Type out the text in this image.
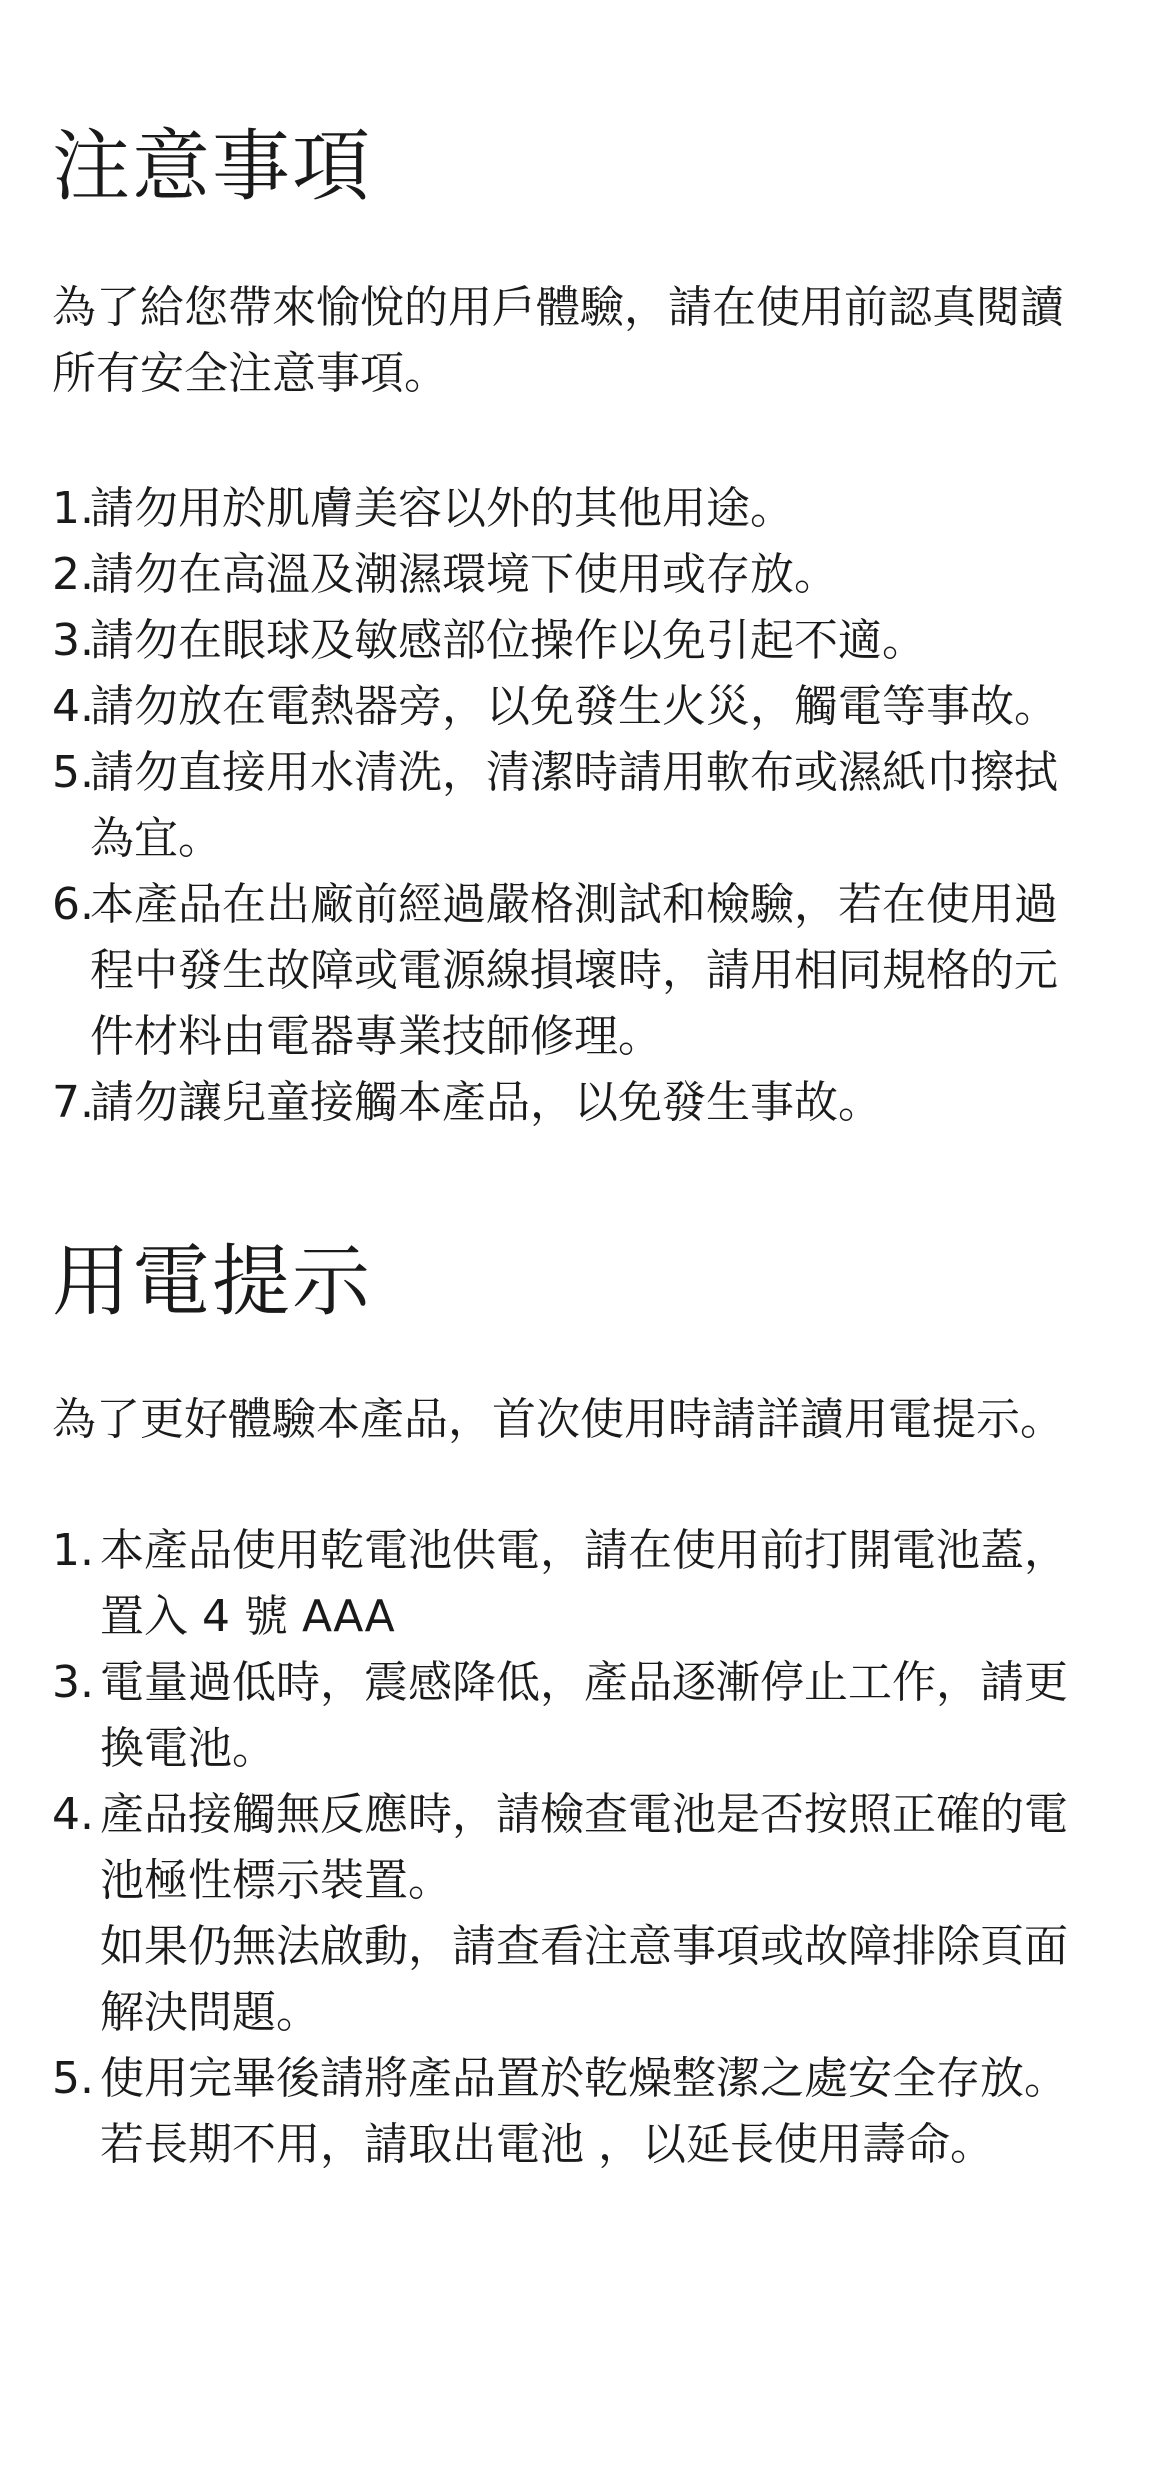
注意事項

為了給您帶來愉悅的用戶體驗，請在使用前認真閱讀
所有安全注意事項。

1.
請勿用於肌膚美容以外的其他用途。
2.
請勿在高溫及潮濕環境下使用或存放。
3.
請勿在眼球及敏感部位操作以免引起不適。
4.
請勿放在電熱器旁，以免發生火災，觸電等事故。
5.
請勿直接用水清洗，清潔時請用軟布或濕紙巾擦拭
為宜。
6.
本產品在出廠前經過嚴格測試和檢驗，若在使用過
程中發生故障或電源線損壞時，請用相同規格的元
件材料由電器專業技師修理。
7.
請勿讓兒童接觸本產品，以免發生事故。
用電提示

為了更好體驗本產品，首次使用時請詳讀用電提示。

1. 本產品使用乾電池供電，請在使用前打開電池蓋，
置入 4 號 AAA
3. 電量過低時，震感降低，產品逐漸停止工作，請更
換電池。
4. 產品接觸無反應時，請檢查電池是否按照正確的電
池極性標示裝置。
如果仍無法啟動，請查看注意事項或故障排除頁面
解決問題。
5. 使用完畢後請將產品置於乾燥整潔之處安全存放。
若長期不用，請取出電池 ，以延長使用壽命。
